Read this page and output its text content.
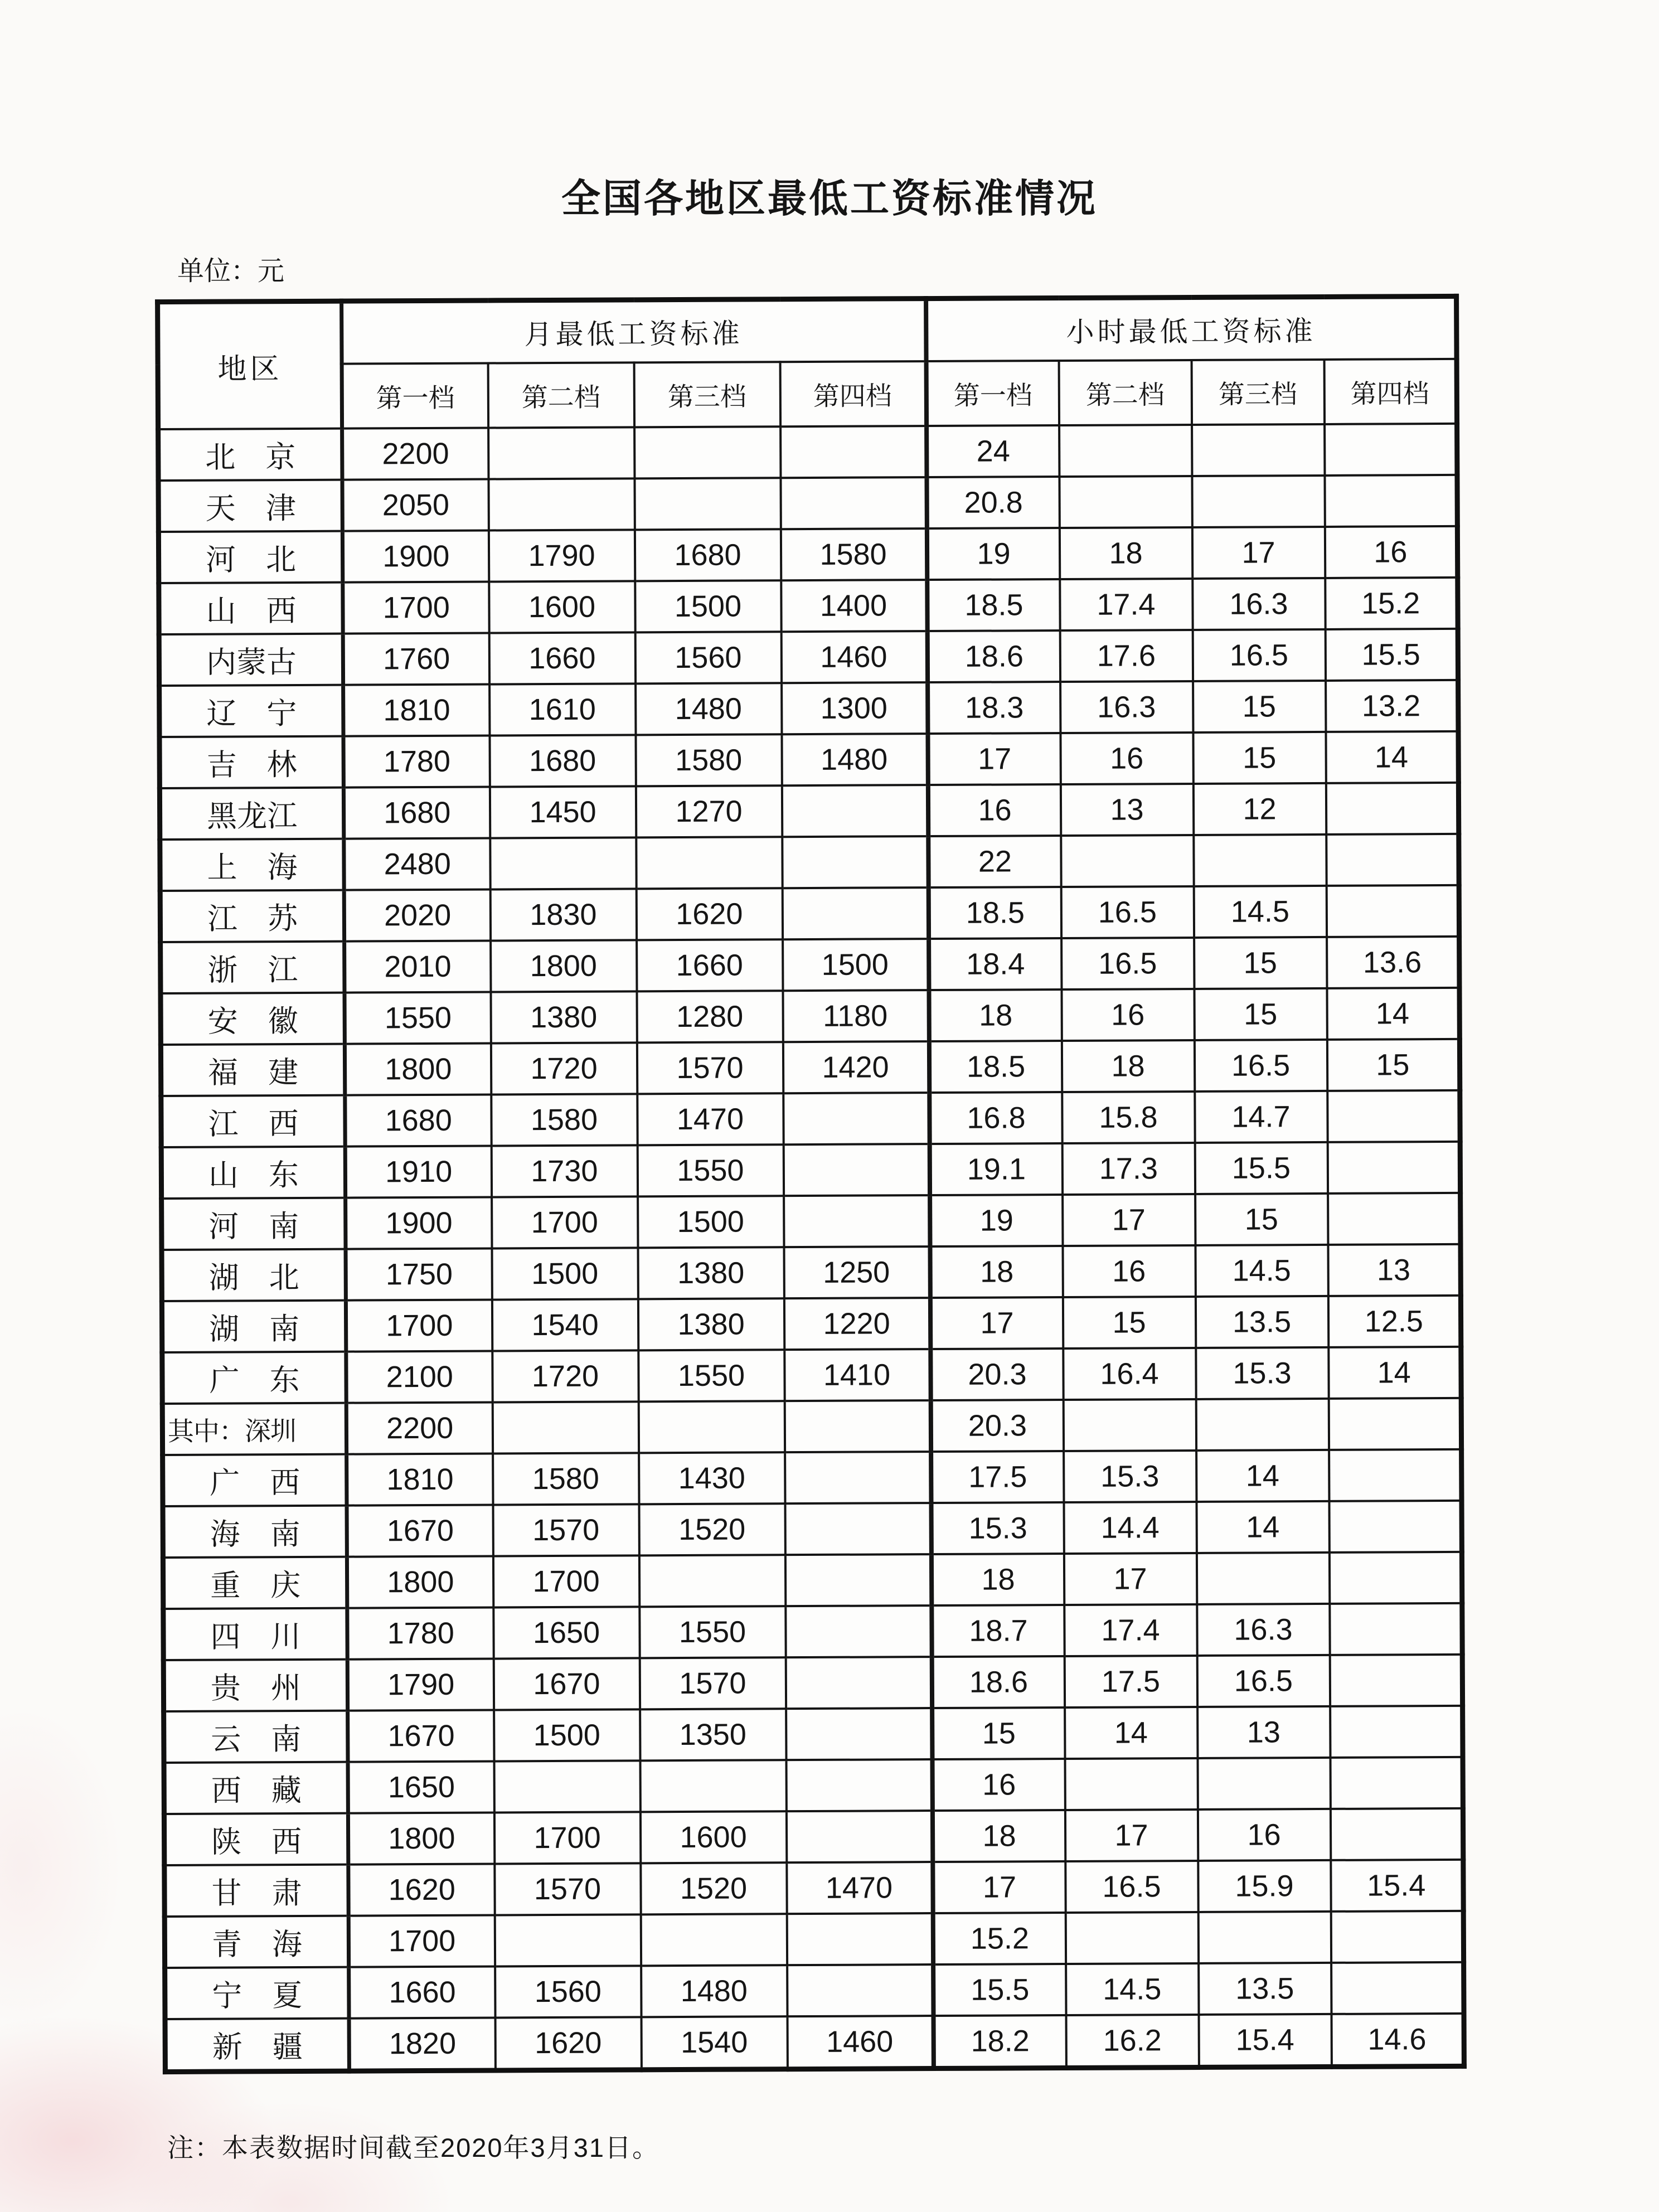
全国各地区最低工资标准情况
单位：元
地区	月最低工资标准				小时最低工资标准			
	第一档	第二档	第三档	第四档	第一档	第二档	第三档	第四档
北　京	2200				24			
天　津	2050				20.8			
河　北	1900	1790	1680	1580	19	18	17	16
山　西	1700	1600	1500	1400	18.5	17.4	16.3	15.2
内蒙古	1760	1660	1560	1460	18.6	17.6	16.5	15.5
辽　宁	1810	1610	1480	1300	18.3	16.3	15	13.2
吉　林	1780	1680	1580	1480	17	16	15	14
黑龙江	1680	1450	1270		16	13	12	
上　海	2480				22			
江　苏	2020	1830	1620		18.5	16.5	14.5	
浙　江	2010	1800	1660	1500	18.4	16.5	15	13.6
安　徽	1550	1380	1280	1180	18	16	15	14
福　建	1800	1720	1570	1420	18.5	18	16.5	15
江　西	1680	1580	1470		16.8	15.8	14.7	
山　东	1910	1730	1550		19.1	17.3	15.5	
河　南	1900	1700	1500		19	17	15	
湖　北	1750	1500	1380	1250	18	16	14.5	13
湖　南	1700	1540	1380	1220	17	15	13.5	12.5
广　东	2100	1720	1550	1410	20.3	16.4	15.3	14
其中：深圳	2200				20.3			
广　西	1810	1580	1430		17.5	15.3	14	
海　南	1670	1570	1520		15.3	14.4	14	
重　庆	1800	1700			18	17		
四　川	1780	1650	1550		18.7	17.4	16.3	
贵　州	1790	1670	1570		18.6	17.5	16.5	
云　南	1670	1500	1350		15	14	13	
西　藏	1650				16			
陕　西	1800	1700	1600		18	17	16	
甘　肃	1620	1570	1520	1470	17	16.5	15.9	15.4
青　海	1700				15.2			
宁　夏	1660	1560	1480		15.5	14.5	13.5	
新　疆	1820	1620	1540	1460	18.2	16.2	15.4	14.6
注：本表数据时间截至2020年3月31日。
